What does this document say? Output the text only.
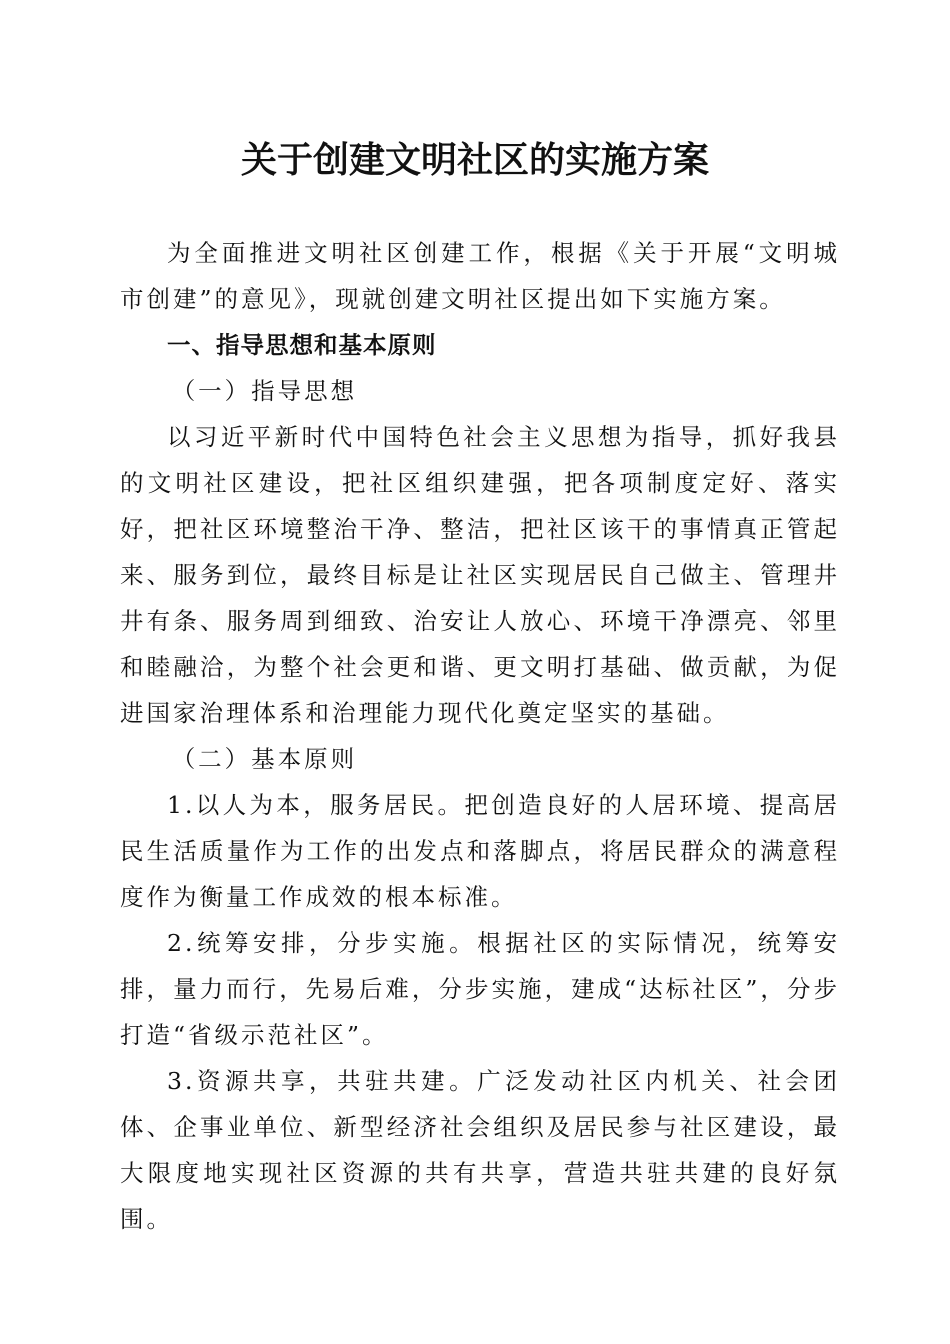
关于创建文明社区的实施方案

为全面推进文明社区创建工作，根据《关于开展“文明城市创建”的意见》，现就创建文明社区提出如下实施方案。

一、指导思想和基本原则

（一）指导思想

以习近平新时代中国特色社会主义思想为指导，抓好我县的文明社区建设，把社区组织建强，把各项制度定好、落实好，把社区环境整治干净、整洁，把社区该干的事情真正管起来、服务到位，最终目标是让社区实现居民自己做主、管理井井有条、服务周到细致、治安让人放心、环境干净漂亮、邻里和睦融洽，为整个社会更和谐、更文明打基础、做贡献，为促进国家治理体系和治理能力现代化奠定坚实的基础。

（二）基本原则

1.以人为本，服务居民。把创造良好的人居环境、提高居民生活质量作为工作的出发点和落脚点，将居民群众的满意程度作为衡量工作成效的根本标准。

2.统筹安排，分步实施。根据社区的实际情况，统筹安排，量力而行，先易后难，分步实施，建成“达标社区”，分步打造“省级示范社区”。

3.资源共享，共驻共建。广泛发动社区内机关、社会团体、企事业单位、新型经济社会组织及居民参与社区建设，最大限度地实现社区资源的共有共享，营造共驻共建的良好氛围。
